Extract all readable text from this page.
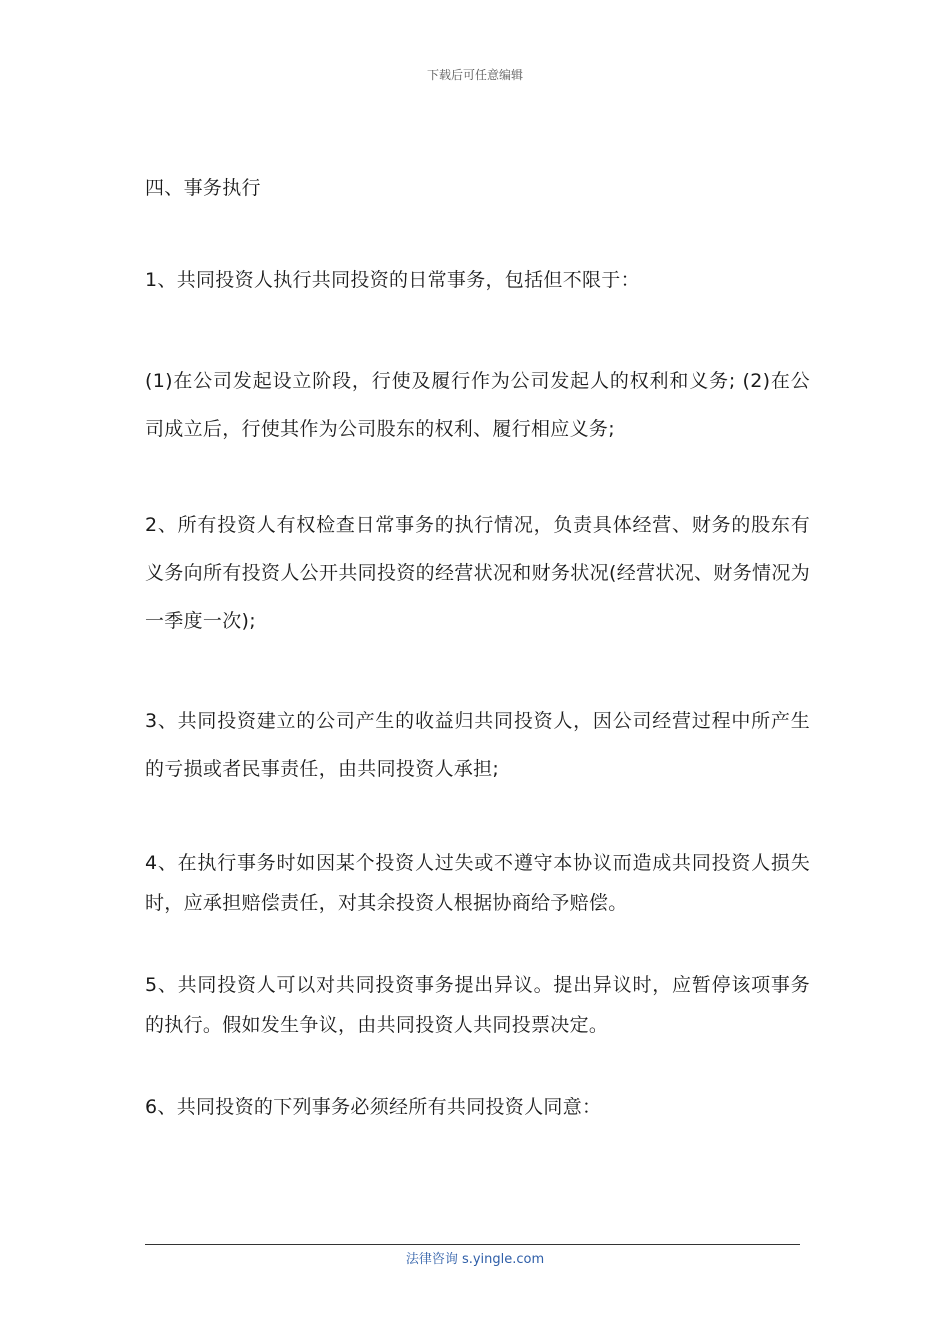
下载后可任意编辑

四、事务执行

1、共同投资人执行共同投资的日常事务，包括但不限于：

(1)在公司发起设立阶段，行使及履行作为公司发起人的权利和义务; (2)在公司成立后，行使其作为公司股东的权利、履行相应义务;

2、所有投资人有权检查日常事务的执行情况，负责具体经营、财务的股东有义务向所有投资人公开共同投资的经营状况和财务状况(经营状况、财务情况为一季度一次);

3、共同投资建立的公司产生的收益归共同投资人，因公司经营过程中所产生的亏损或者民事责任，由共同投资人承担;

4、在执行事务时如因某个投资人过失或不遵守本协议而造成共同投资人损失时，应承担赔偿责任，对其余投资人根据协商给予赔偿。

5、共同投资人可以对共同投资事务提出异议。提出异议时，应暂停该项事务的执行。假如发生争议，由共同投资人共同投票决定。

6、共同投资的下列事务必须经所有共同投资人同意：

法律咨询 s.yingle.com
